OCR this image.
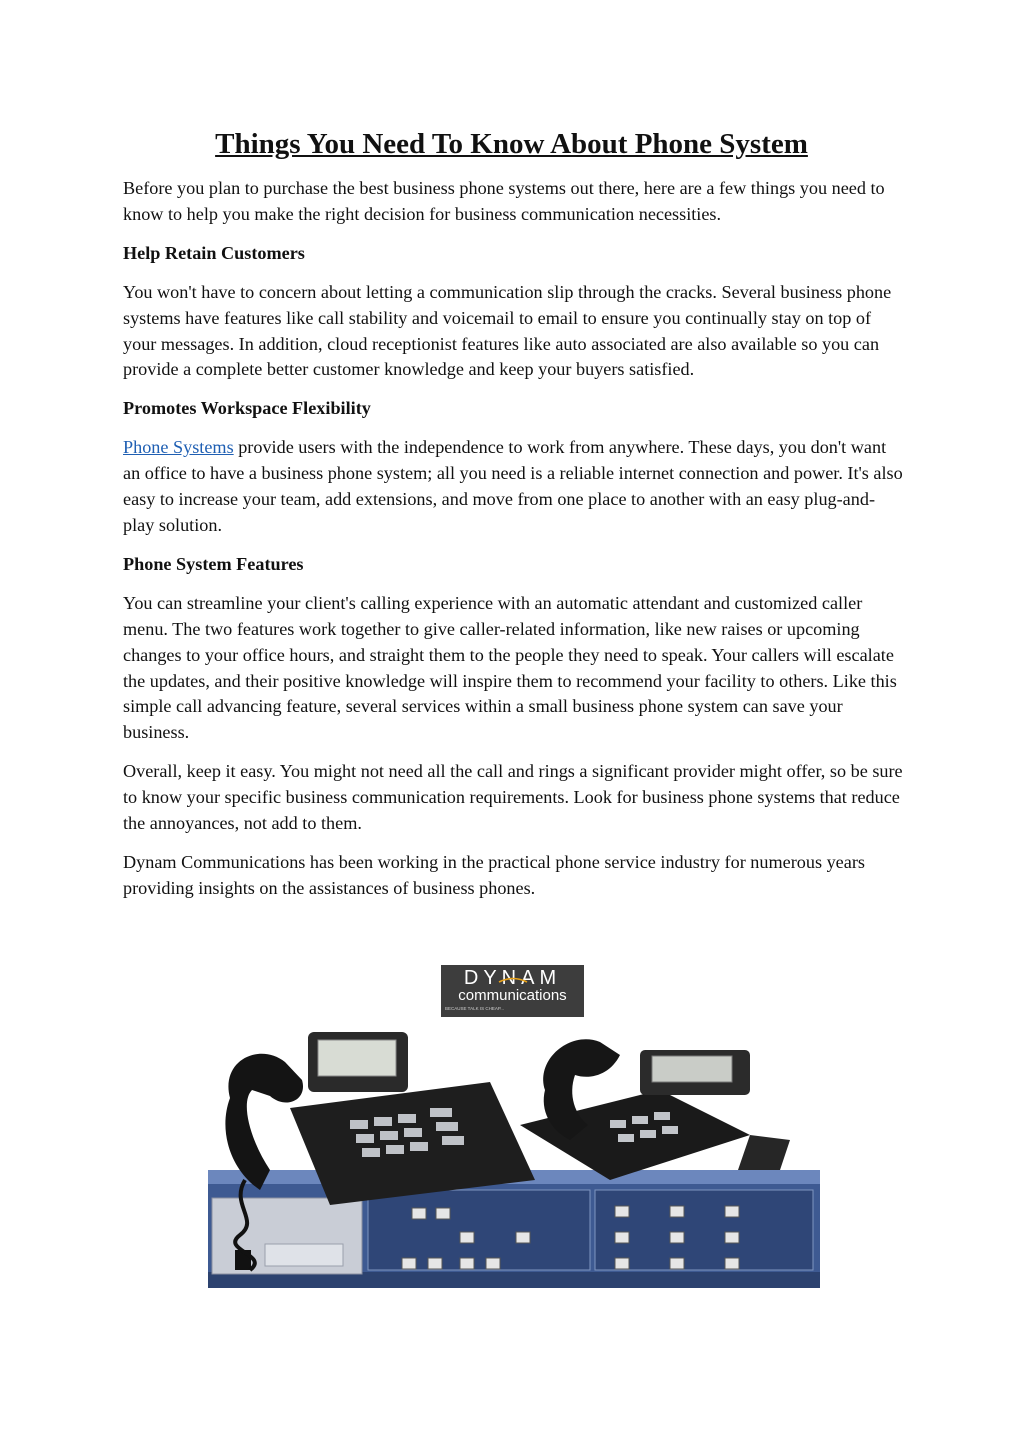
Things You Need To Know About Phone System

Before you plan to purchase the best business phone systems out there, here are a few things you need to know to help you make the right decision for business communication necessities.

Help Retain Customers

You won't have to concern about letting a communication slip through the cracks. Several business phone systems have features like call stability and voicemail to email to ensure you continually stay on top of your messages. In addition, cloud receptionist features like auto associated are also available so you can provide a complete better customer knowledge and keep your buyers satisfied.

Promotes Workspace Flexibility

Phone Systems provide users with the independence to work from anywhere. These days, you don't want an office to have a business phone system; all you need is a reliable internet connection and power. It's also easy to increase your team, add extensions, and move from one place to another with an easy plug-and-play solution.

Phone System Features

You can streamline your client's calling experience with an automatic attendant and customized caller menu. The two features work together to give caller-related information, like new raises or upcoming changes to your office hours, and straight them to the people they need to speak. Your callers will escalate the updates, and their positive knowledge will inspire them to recommend your facility to others. Like this simple call advancing feature, several services within a small business phone system can save your business.

Overall, keep it easy. You might not need all the call and rings a significant provider might offer, so be sure to know your specific business communication requirements. Look for business phone systems that reduce the annoyances, not add to them.

Dynam Communications has been working in the practical phone service industry for numerous years providing insights on the assistances of business phones.

DYNAM
communications
BECAUSE TALK IS CHEAP...
